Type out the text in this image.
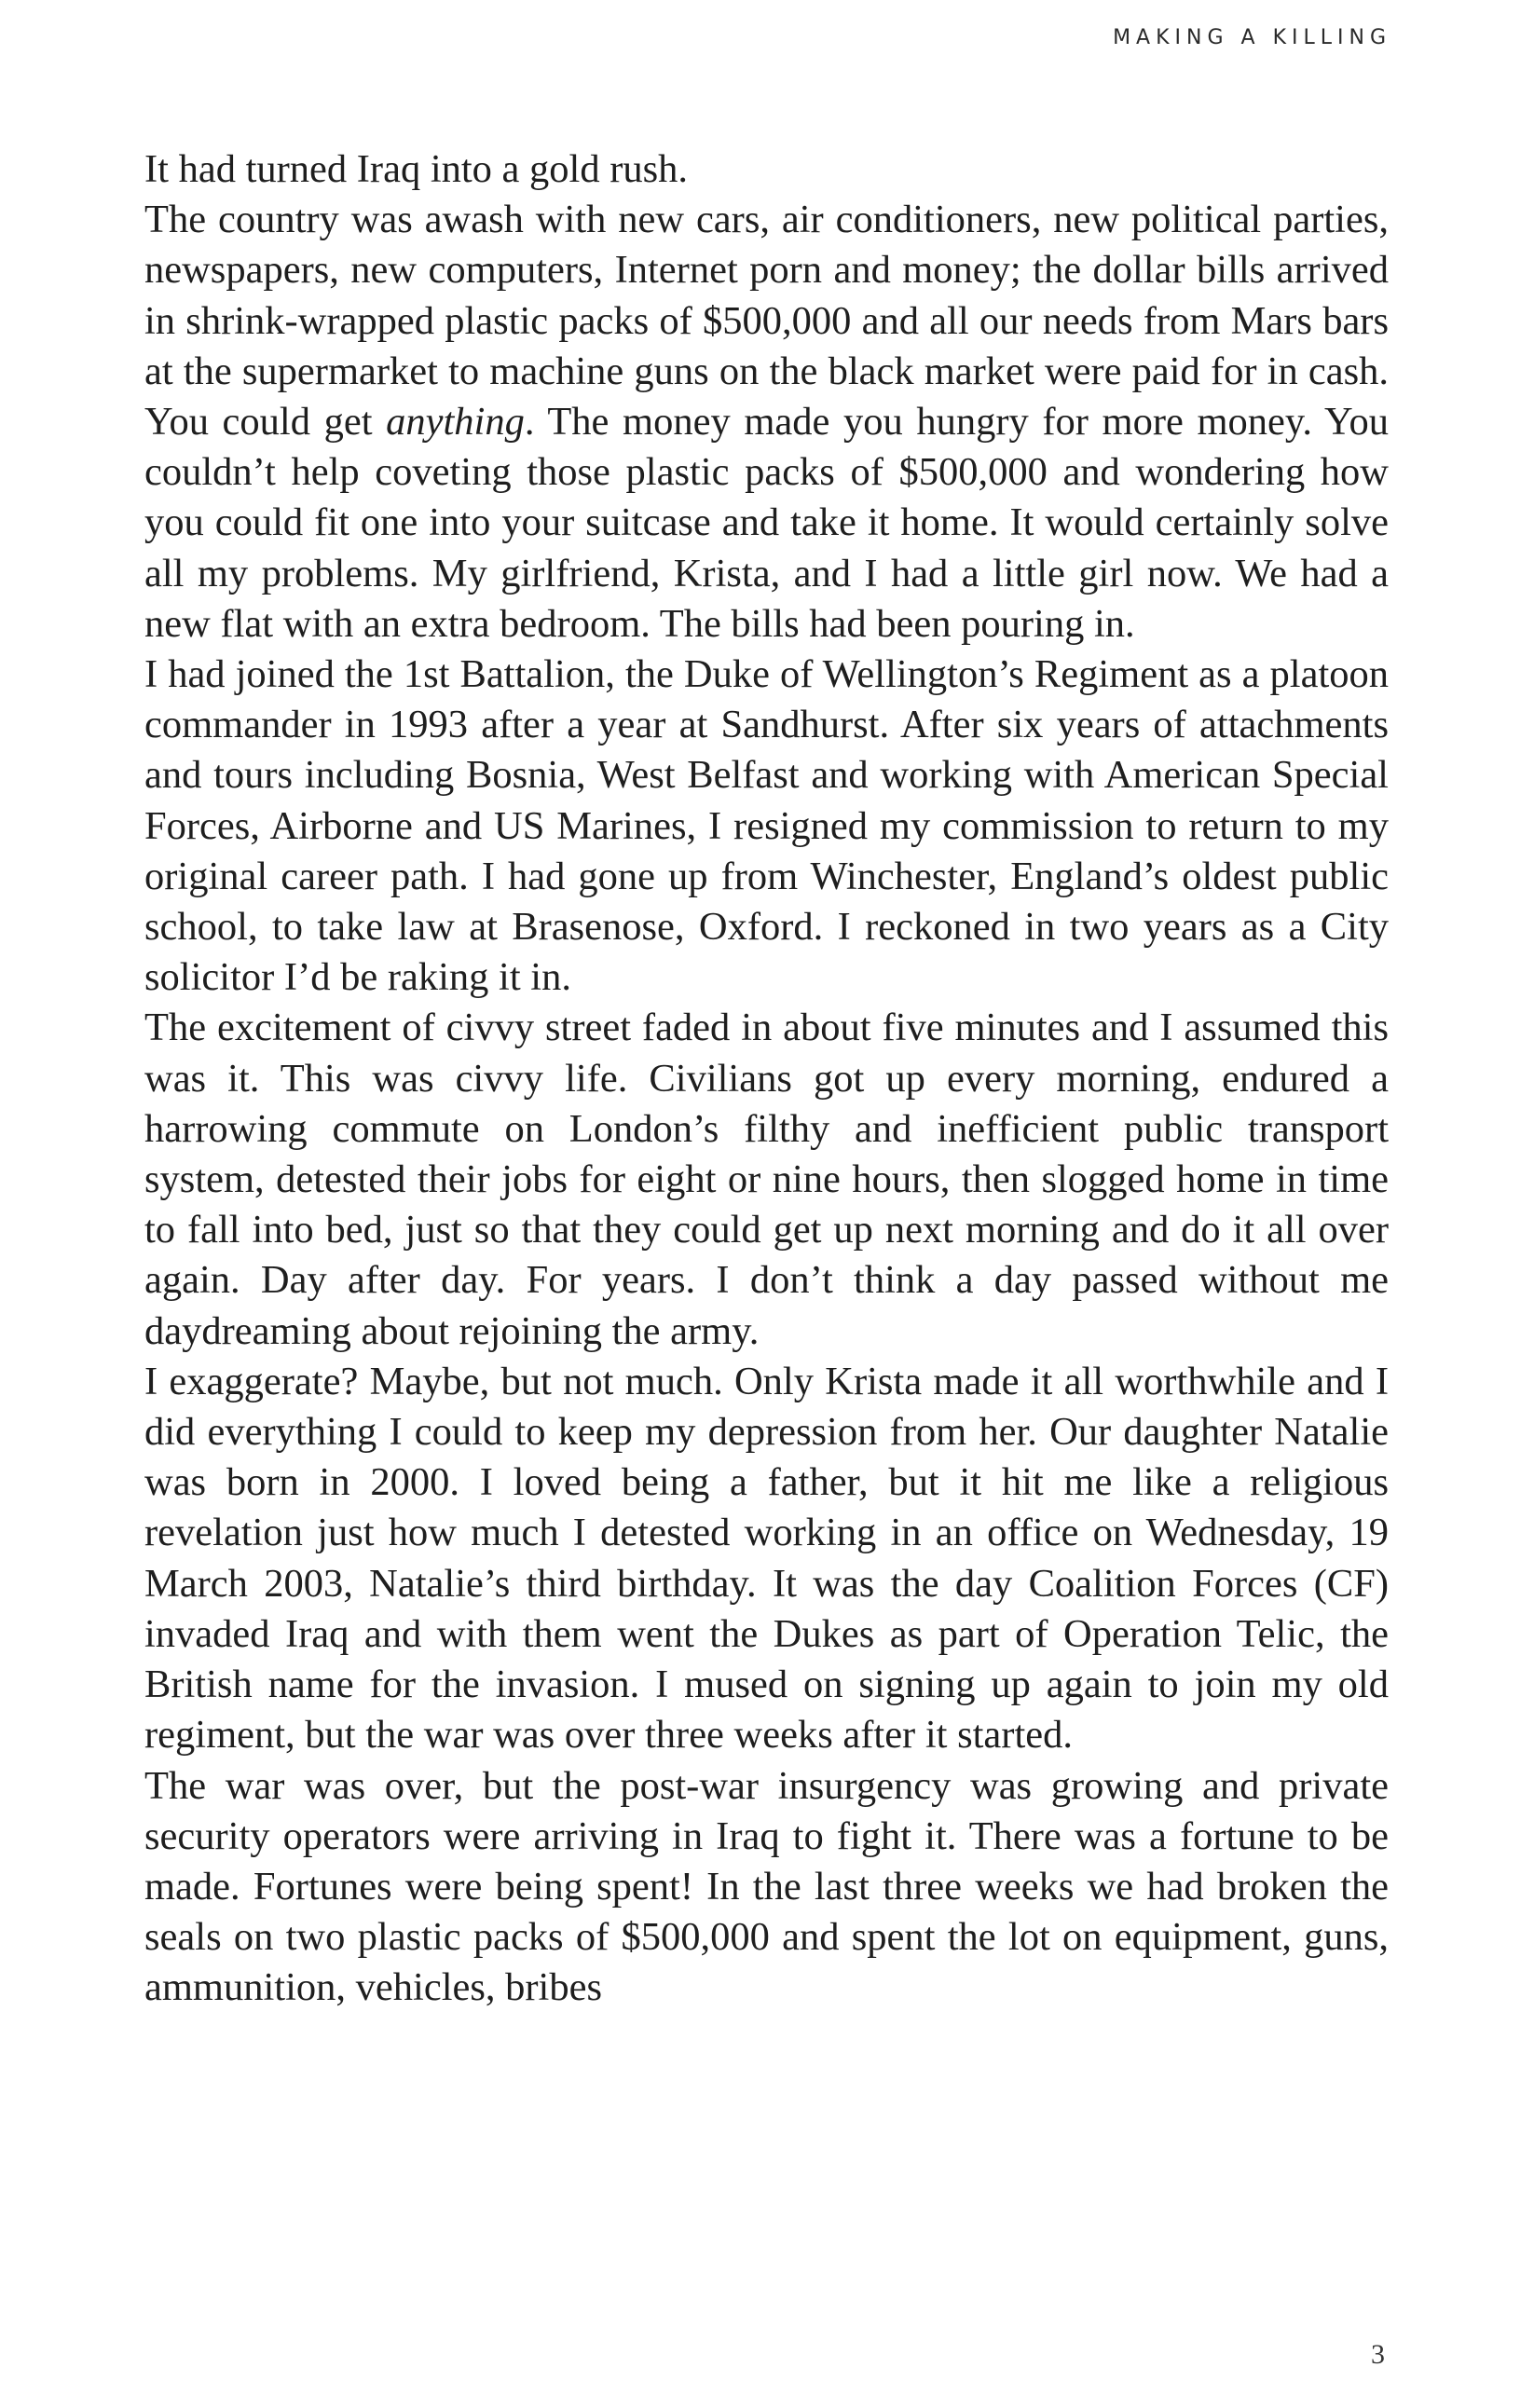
MAKING A KILLING

It had turned Iraq into a gold rush.

The country was awash with new cars, air conditioners, new political parties, newspapers, new computers, Internet porn and money; the dollar bills arrived in shrink-wrapped plastic packs of $500,000 and all our needs from Mars bars at the supermarket to machine guns on the black market were paid for in cash. You could get anything. The money made you hungry for more money. You couldn’t help coveting those plastic packs of $500,000 and wondering how you could fit one into your suitcase and take it home. It would certainly solve all my problems. My girlfriend, Krista, and I had a little girl now. We had a new flat with an extra bedroom. The bills had been pouring in.

I had joined the 1st Battalion, the Duke of Wellington’s Regiment as a platoon commander in 1993 after a year at Sandhurst. After six years of attachments and tours including Bosnia, West Belfast and working with American Special Forces, Airborne and US Marines, I resigned my commission to return to my original career path. I had gone up from Winchester, England’s oldest public school, to take law at Brasenose, Oxford. I reckoned in two years as a City solicitor I’d be raking it in.

The excitement of civvy street faded in about five minutes and I assumed this was it. This was civvy life. Civilians got up every morning, endured a harrowing commute on London’s filthy and inefficient public transport system, detested their jobs for eight or nine hours, then slogged home in time to fall into bed, just so that they could get up next morning and do it all over again. Day after day. For years. I don’t think a day passed without me daydreaming about rejoining the army.

I exaggerate? Maybe, but not much. Only Krista made it all worthwhile and I did everything I could to keep my depression from her. Our daughter Natalie was born in 2000. I loved being a father, but it hit me like a religious revelation just how much I detested working in an office on Wednesday, 19 March 2003, Natalie’s third birthday. It was the day Coalition Forces (CF) invaded Iraq and with them went the Dukes as part of Operation Telic, the British name for the invasion. I mused on signing up again to join my old regiment, but the war was over three weeks after it started.

The war was over, but the post-war insurgency was growing and private security operators were arriving in Iraq to fight it. There was a fortune to be made. Fortunes were being spent! In the last three weeks we had broken the seals on two plastic packs of $500,000 and spent the lot on equipment, guns, ammunition, vehicles, bribes

3
